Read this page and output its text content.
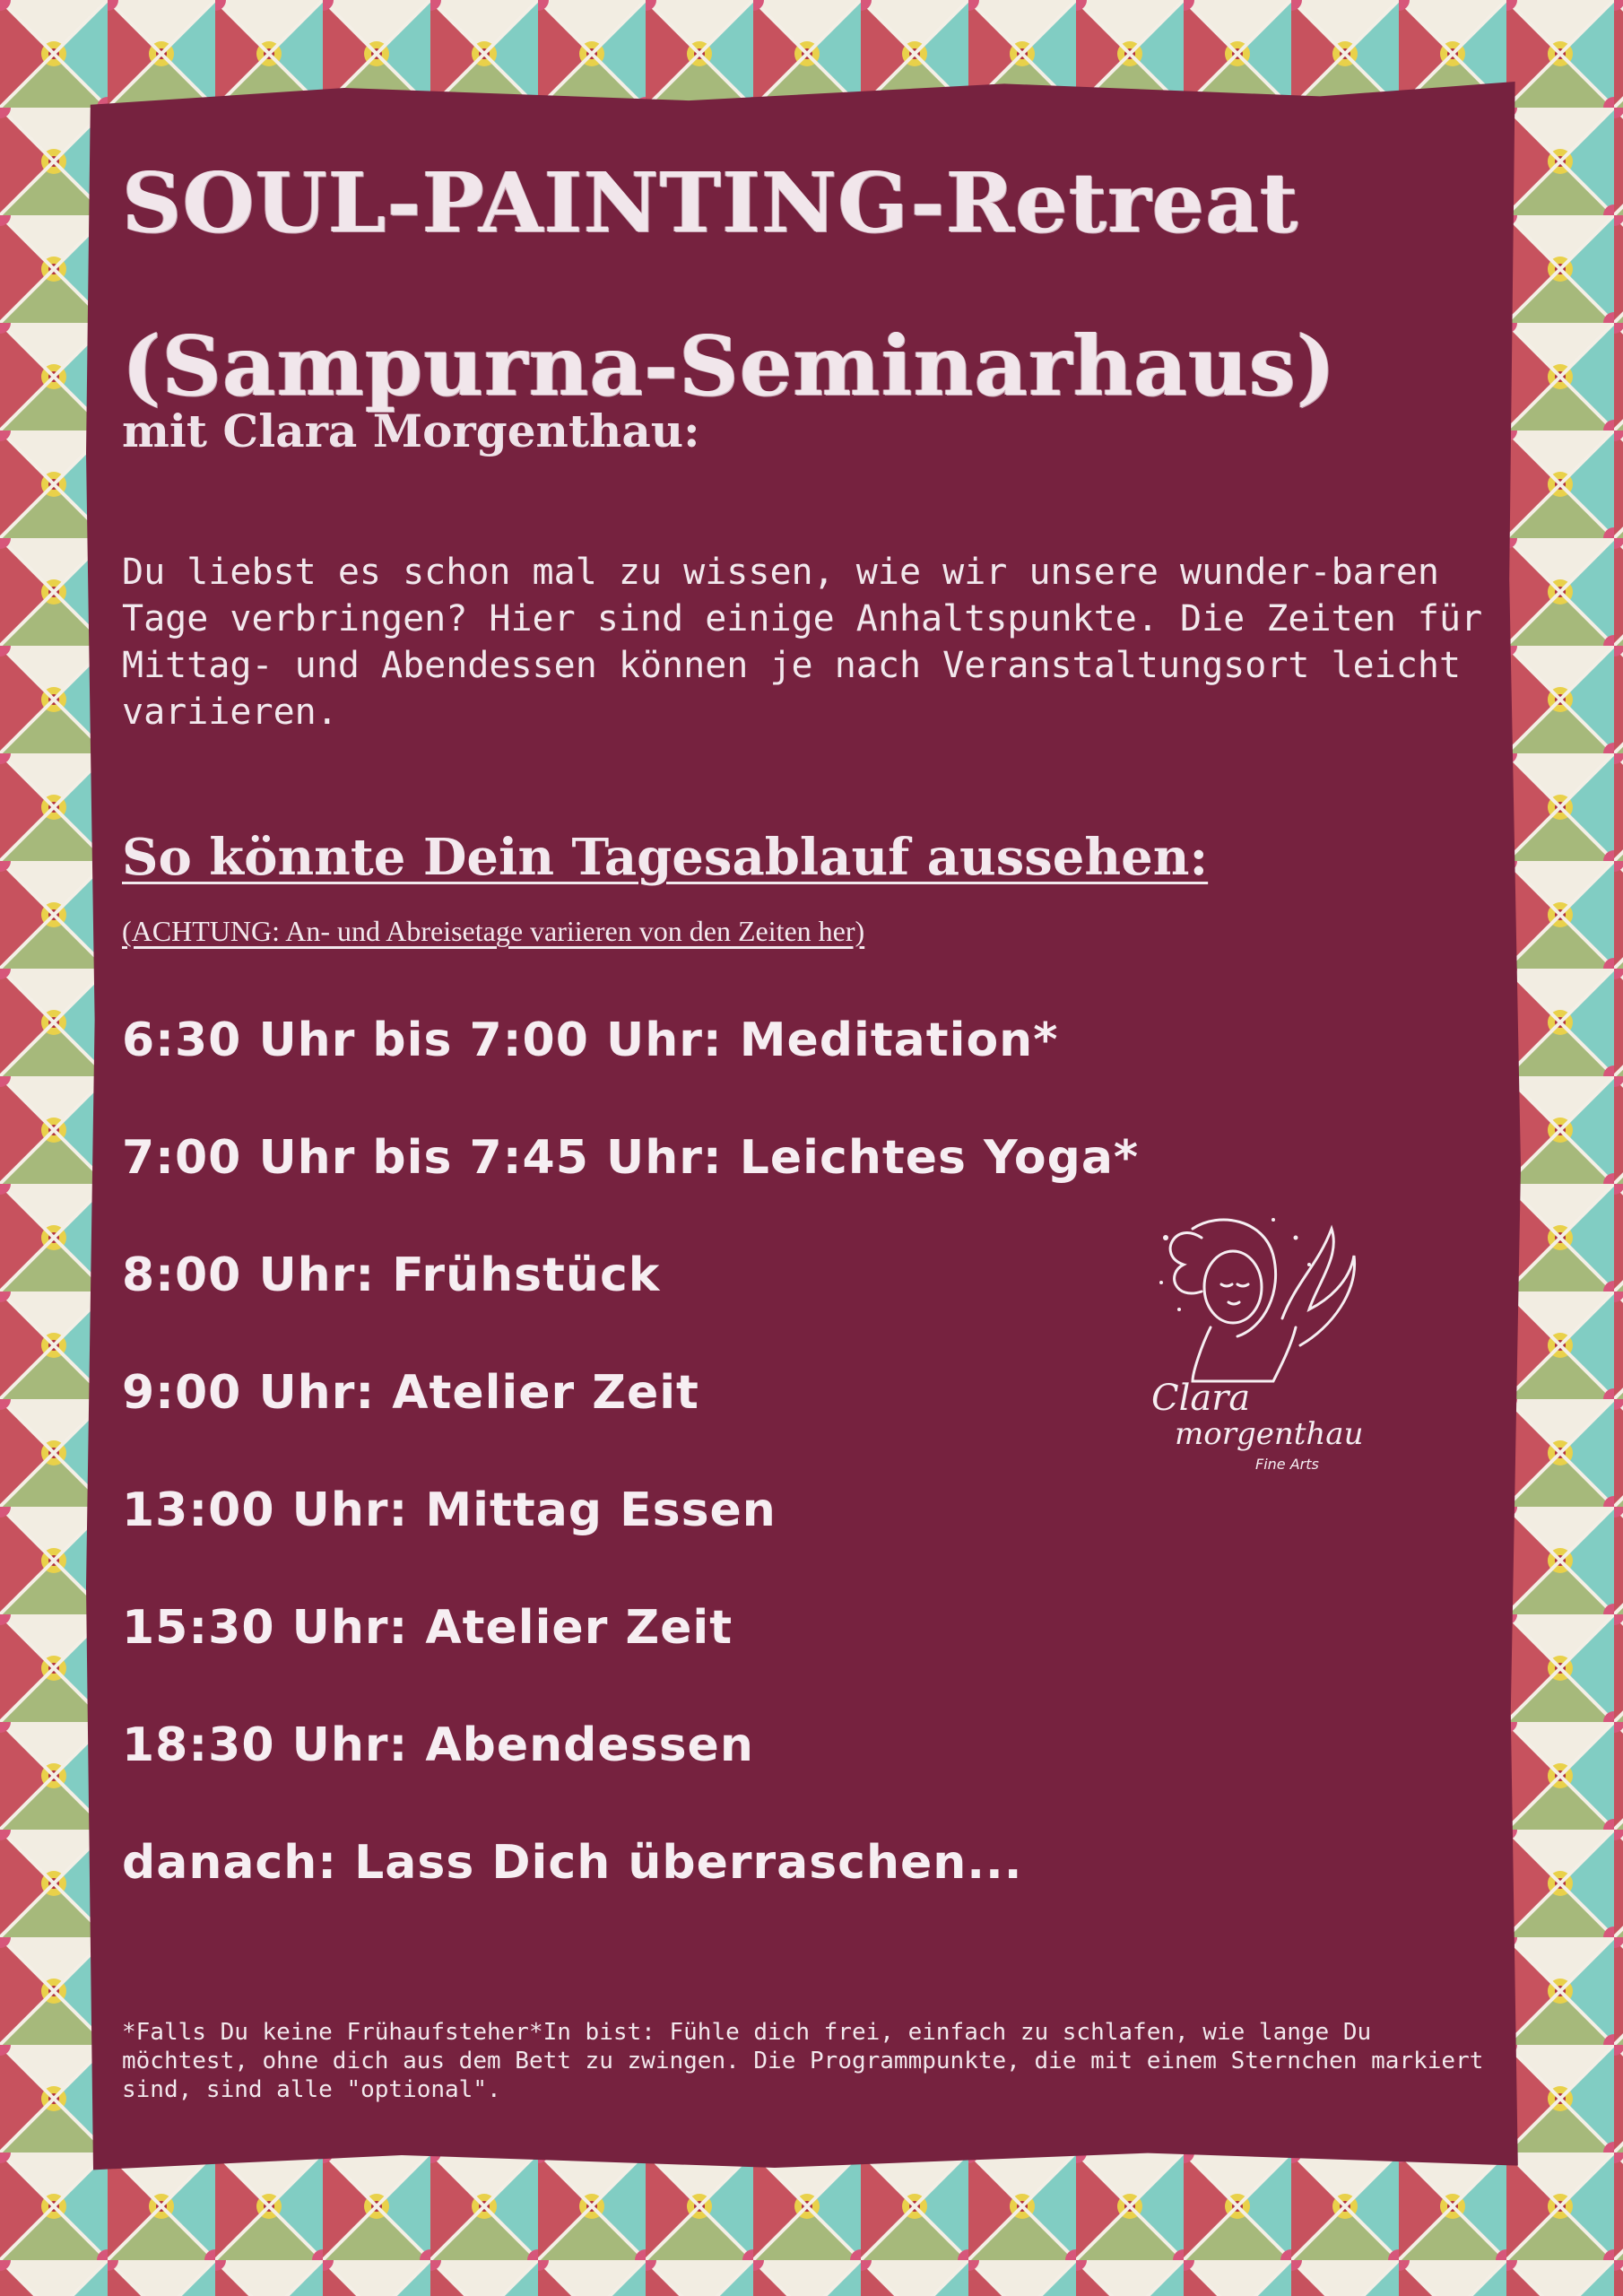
SOUL-PAINTING-Retreat
(Sampurna-Seminarhaus)
mit Clara Morgenthau:

Du liebst es schon mal zu wissen, wie wir unsere wunder-baren Tage verbringen? Hier sind einige Anhaltspunkte. Die Zeiten für Mittag- und Abendessen können je nach Veranstaltungsort leicht variieren.

So könnte Dein Tagesablauf aussehen:
(ACHTUNG: An- und Abreisetage variieren von den Zeiten her)
6:30 Uhr bis 7:00 Uhr: Meditation*
7:00 Uhr bis 7:45 Uhr: Leichtes Yoga*
8:00 Uhr: Frühstück
9:00 Uhr: Atelier Zeit
13:00 Uhr: Mittag Essen
15:30 Uhr: Atelier Zeit
18:30 Uhr: Abendessen
danach: Lass Dich überraschen...

*Falls Du keine Frühaufsteher*In bist: Fühle dich frei, einfach zu schlafen, wie lange Du möchtest, ohne dich aus dem Bett zu zwingen. Die Programmpunkte, die mit einem Sternchen markiert sind, sind alle "optional".

Clara
morgenthau
Fine Arts
